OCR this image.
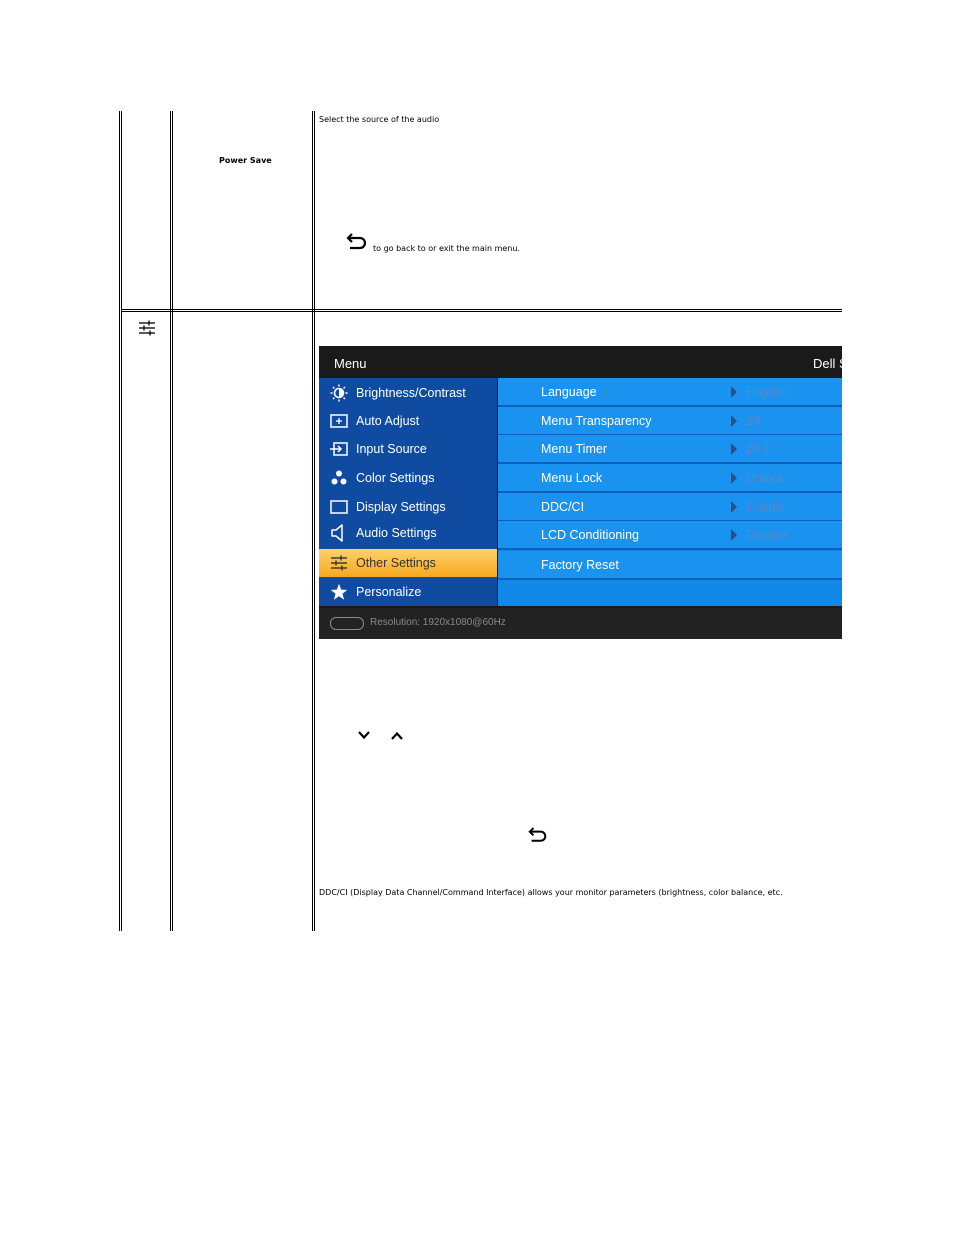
Power Save
Select the source of the audio
to go back to or exit the main menu.
Menu	Dell S
Brightness/Contrast
Auto Adjust
Input Source
Color Settings
Display Settings
Audio Settings
Other Settings
Personalize
Language	English
Menu Transparency	20
Menu Timer	20 s
Menu Lock	Unlock
DDC/CI	Enable
LCD Conditioning	Disable
Factory Reset
Resolution: 1920x1080@60Hz
DDC/CI (Display Data Channel/Command Interface) allows your monitor parameters (brightness, color balance, etc.
